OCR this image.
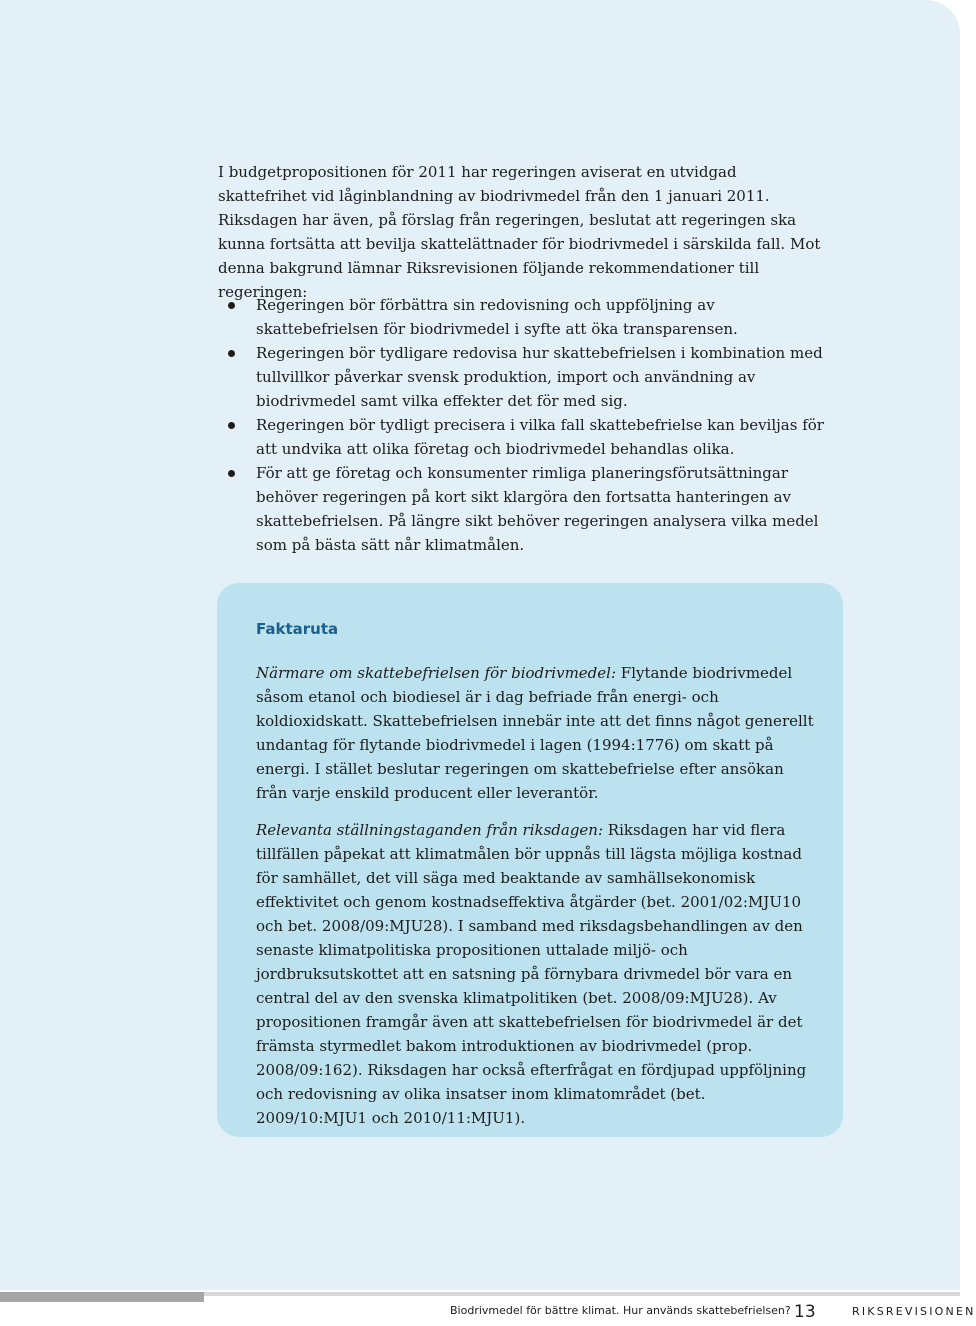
I budgetpropositionen för 2011 har regeringen aviserat en utvidgad skattefrihet vid låginblandning av biodrivmedel från den 1 januari 2011. Riksdagen har även, på förslag från regeringen, beslutat att regeringen ska kunna fortsätta att bevilja skattelättnader för biodrivmedel i särskilda fall. Mot denna bakgrund lämnar Riksrevisionen följande rekommendationer till regeringen:

Regeringen bör förbättra sin redovisning och uppföljning av skattebefrielsen för biodrivmedel i syfte att öka transparensen.
Regeringen bör tydligare redovisa hur skattebefrielsen i kombination med tullvillkor påverkar svensk produktion, import och användning av biodrivmedel samt vilka effekter det för med sig.
Regeringen bör tydligt precisera i vilka fall skattebefrielse kan beviljas för att undvika att olika företag och biodrivmedel behandlas olika.
För att ge företag och konsumenter rimliga planeringsförutsättningar behöver regeringen på kort sikt klargöra den fortsatta hanteringen av skattebefrielsen. På längre sikt behöver regeringen analysera vilka medel som på bästa sätt når klimatmålen.
Faktaruta

Närmare om skattebefrielsen för biodrivmedel: Flytande biodrivmedel såsom etanol och biodiesel är i dag befriade från energi- och koldioxidskatt. Skattebefrielsen innebär inte att det finns något generellt undantag för flytande biodrivmedel i lagen (1994:1776) om skatt på energi. I stället beslutar regeringen om skattebefrielse efter ansökan från varje enskild producent eller leverantör.

Relevanta ställningstaganden från riksdagen: Riksdagen har vid flera tillfällen påpekat att klimatmålen bör uppnås till lägsta möjliga kostnad för samhället, det vill säga med beaktande av samhällsekonomisk effektivitet och genom kostnadseffektiva åtgärder (bet. 2001/02:MJU10 och bet. 2008/09:MJU28). I samband med riksdagsbehandlingen av den senaste klimatpolitiska propositionen uttalade miljö- och jordbruksutskottet att en satsning på förnybara drivmedel bör vara en central del av den svenska klimatpolitiken (bet. 2008/09:MJU28). Av propositionen framgår även att skattebefrielsen för biodrivmedel är det främsta styrmedlet bakom introduktionen av biodrivmedel (prop. 2008/09:162). Riksdagen har också efterfrågat en fördjupad uppföljning och redovisning av olika insatser inom klimatområdet (bet. 2009/10:MJU1 och 2010/11:MJU1).

Biodrivmedel för bättre klimat. Hur används skattebefrielsen? 13	RIKSREVISIONEN
